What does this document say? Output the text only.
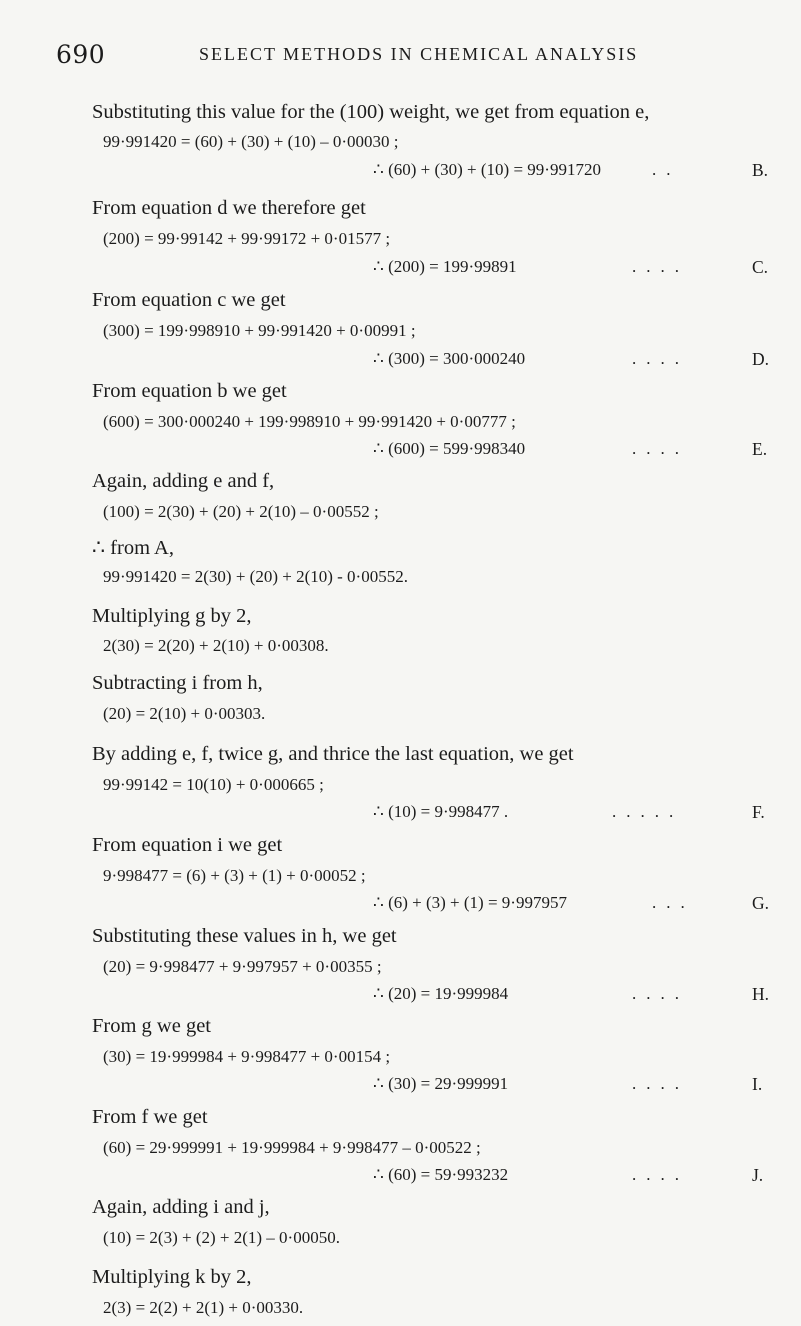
690	SELECT METHODS IN CHEMICAL ANALYSIS
Substituting this value for the (100) weight, we get from equation e,
99·991420 = (60) + (30) + (10) – 0·00030 ;
∴ (60) + (30) + (10) = 99·991720	..	B.
From equation d we therefore get
(200) = 99·99142 + 99·99172 + 0·01577 ;
∴ (200) = 199·99891	....	C.
From equation c we get
(300) = 199·998910 + 99·991420 + 0·00991 ;
∴ (300) = 300·000240	....	D.
From equation b we get
(600) = 300·000240 + 199·998910 + 99·991420 + 0·00777 ;
∴ (600) = 599·998340	....	E.
Again, adding e and f,
(100) = 2(30) + (20) + 2(10) – 0·00552 ;
∴ from A,
99·991420 = 2(30) + (20) + 2(10) - 0·00552.
Multiplying g by 2,
2(30) = 2(20) + 2(10) + 0·00308.
Subtracting i from h,
(20) = 2(10) + 0·00303.
By adding e, f, twice g, and thrice the last equation, we get
99·99142 = 10(10) + 0·000665 ;
∴ (10) = 9·998477 .	.....	F.
From equation i we get
9·998477 = (6) + (3) + (1) + 0·00052 ;
∴ (6) + (3) + (1) = 9·997957	...	G.
Substituting these values in h, we get
(20) = 9·998477 + 9·997957 + 0·00355 ;
∴ (20) = 19·999984	....	H.
From g we get
(30) = 19·999984 + 9·998477 + 0·00154 ;
∴ (30) = 29·999991	....	I.
From f we get
(60) = 29·999991 + 19·999984 + 9·998477 – 0·00522 ;
∴ (60) = 59·993232	....	J.
Again, adding i and j,
(10) = 2(3) + (2) + 2(1) – 0·00050.
Multiplying k by 2,
2(3) = 2(2) + 2(1) + 0·00330.
